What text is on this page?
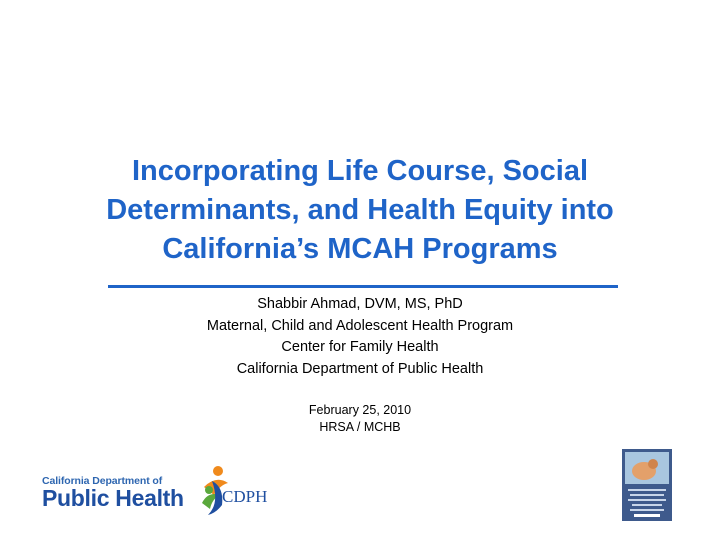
Incorporating Life Course, Social
Determinants, and Health Equity into
California’s MCAH Programs
Shabbir Ahmad, DVM, MS, PhD
Maternal, Child and Adolescent Health Program
Center for Family Health
California Department of Public Health
February 25, 2010
HRSA / MCHB
California Department of
Public Health CDPH
